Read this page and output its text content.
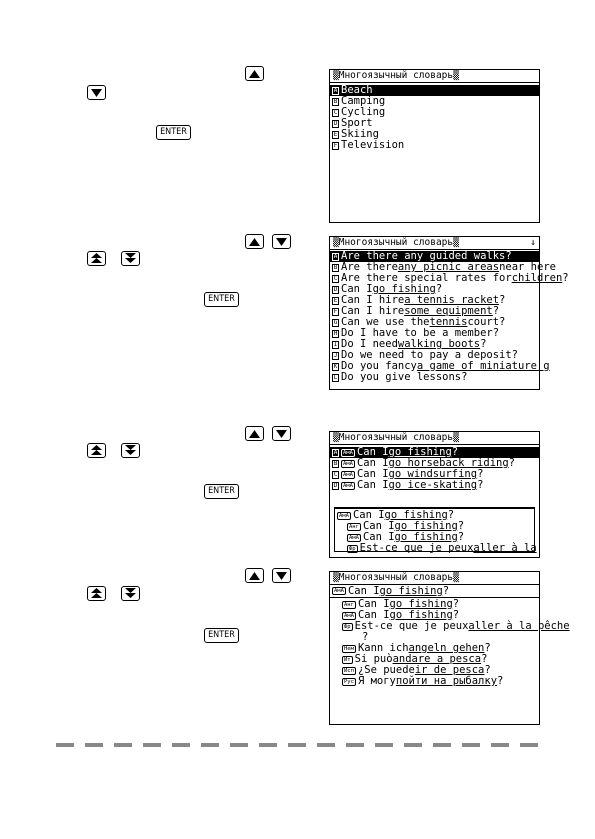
ENTER
ENTER
ENTER
ENTER
▒Многоязычный словарь▒
A Beach
B Camping
C Cycling
D Sport
E Skiing
F Television
▒Многоязычный словарь▒	↓
A Are there any guided walks?
B Are there any picnic areas near here
C Are there special rates for children ?
D Can I go fishing ?
E Can I hire a tennis racket ?
F Can I hire some equipment ?
G Can we use the tennis court?
H Do I have to be a member?
I Do I need walking boots ?
J Do we need to pay a deposit?
K Do you fancy a game of miniature g
L Do you give lessons?
▒Многоязычный словарь▒
A	AмA Can I go fishing ?
B	AмA Can I go horseback riding ?
C	AмA Can I go windsurfing ?
D	AмA Can I go ice-skating ?
AмA Can I go fishing ?
Анг Can I go fishing ?
AмA Can I go fishing ?
Фр Est-ce que je peux aller à la
▒Многоязычный словарь▒
AмA Can I go fishing ?
Анг Can I go fishing ?
AмA Can I go fishing ?
Фр Est-ce que je peux aller à la pêche
?
Нем Kann ich angeln gehen ?
Ит Si può andare a pesca ?
Исп ¿Se puede ir de pesca ?
Рус Я могу пойти на рыбалку ?
